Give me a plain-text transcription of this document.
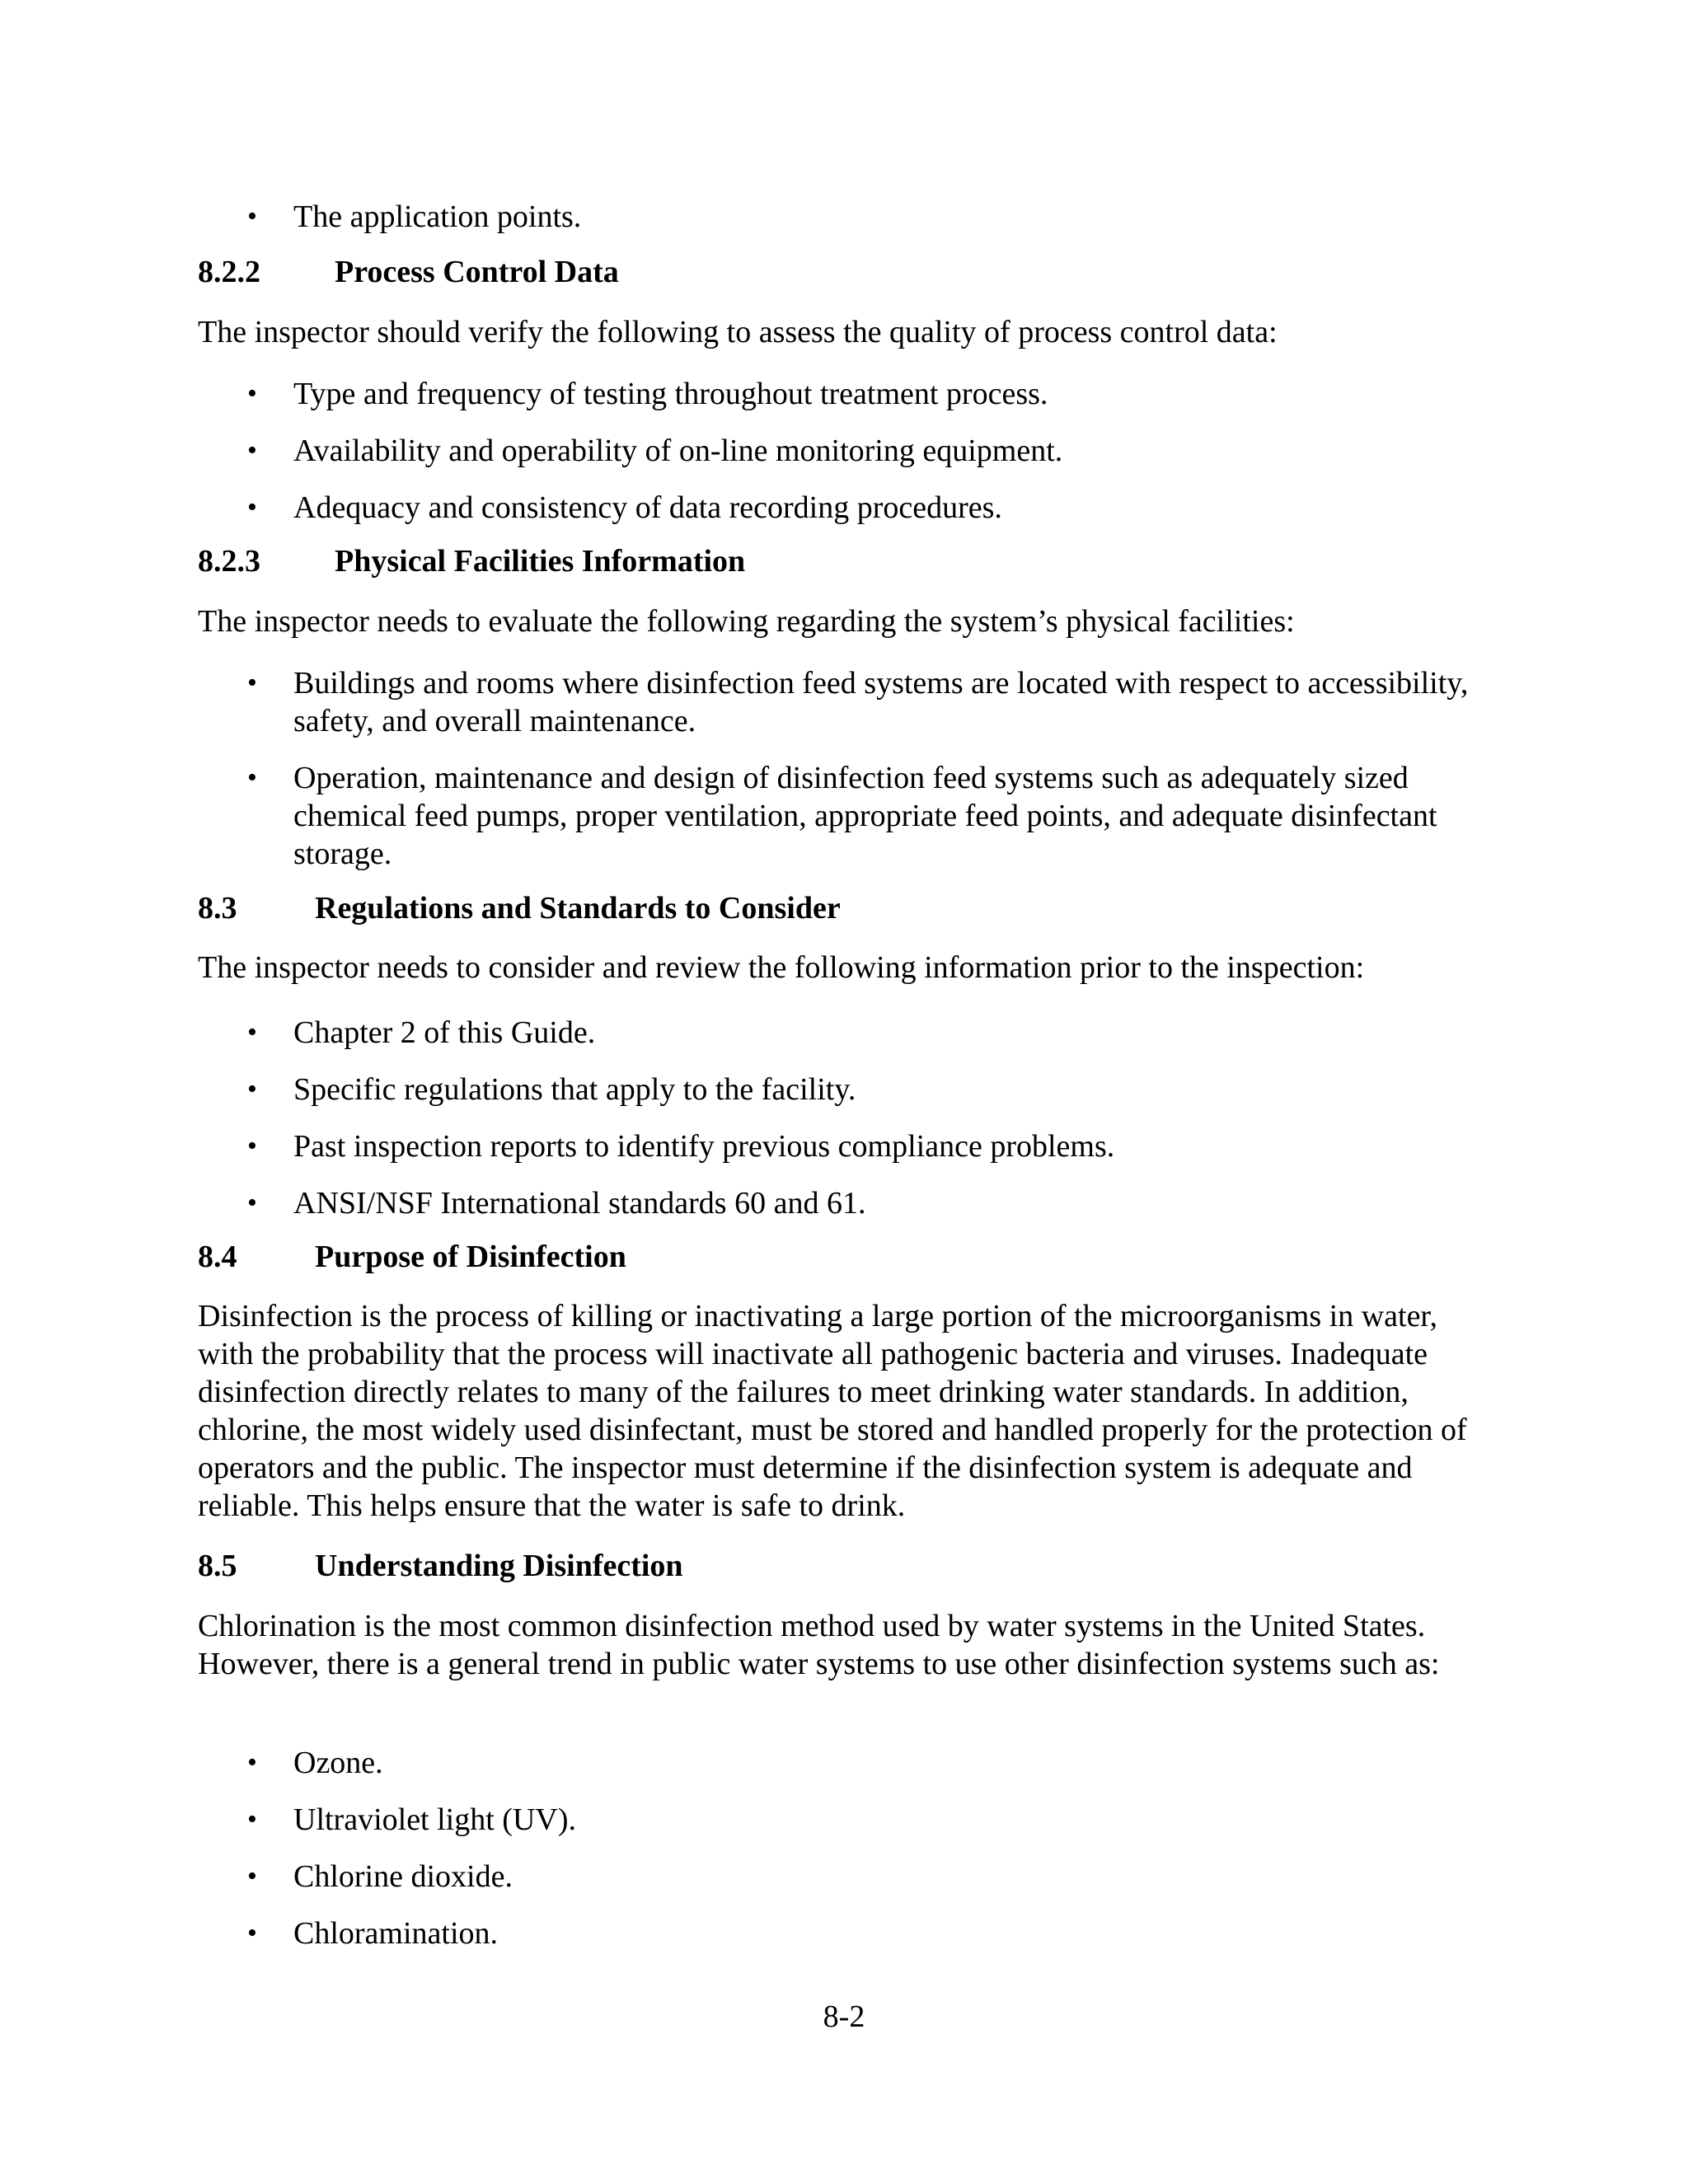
•	The application points.
8.2.2 Process Control Data
The inspector should verify the following to assess the quality of process control data:
•	Type and frequency of testing throughout treatment process.
•	Availability and operability of on-line monitoring equipment.
•	Adequacy and consistency of data recording procedures.
8.2.3 Physical Facilities Information
The inspector needs to evaluate the following regarding the system’s physical facilities:
•	Buildings and rooms where disinfection feed systems are located with respect to accessibility, safety, and overall maintenance.
•	Operation, maintenance and design of disinfection feed systems such as adequately sized chemical feed pumps, proper ventilation, appropriate feed points, and adequate disinfectant storage.
8.3 Regulations and Standards to Consider
The inspector needs to consider and review the following information prior to the inspection:
•	Chapter 2 of this Guide.
•	Specific regulations that apply to the facility.
•	Past inspection reports to identify previous compliance problems.
•	ANSI/NSF International standards 60 and 61.
8.4 Purpose of Disinfection
Disinfection is the process of killing or inactivating a large portion of the microorganisms in water, with the probability that the process will inactivate all pathogenic bacteria and viruses. Inadequate disinfection directly relates to many of the failures to meet drinking water standards. In addition, chlorine, the most widely used disinfectant, must be stored and handled properly for the protection of operators and the public. The inspector must determine if the disinfection system is adequate and reliable. This helps ensure that the water is safe to drink.
8.5 Understanding Disinfection
Chlorination is the most common disinfection method used by water systems in the United States. However, there is a general trend in public water systems to use other disinfection systems such as:
•	Ozone.
•	Ultraviolet light (UV).
•	Chlorine dioxide.
•	Chloramination.
8-2
